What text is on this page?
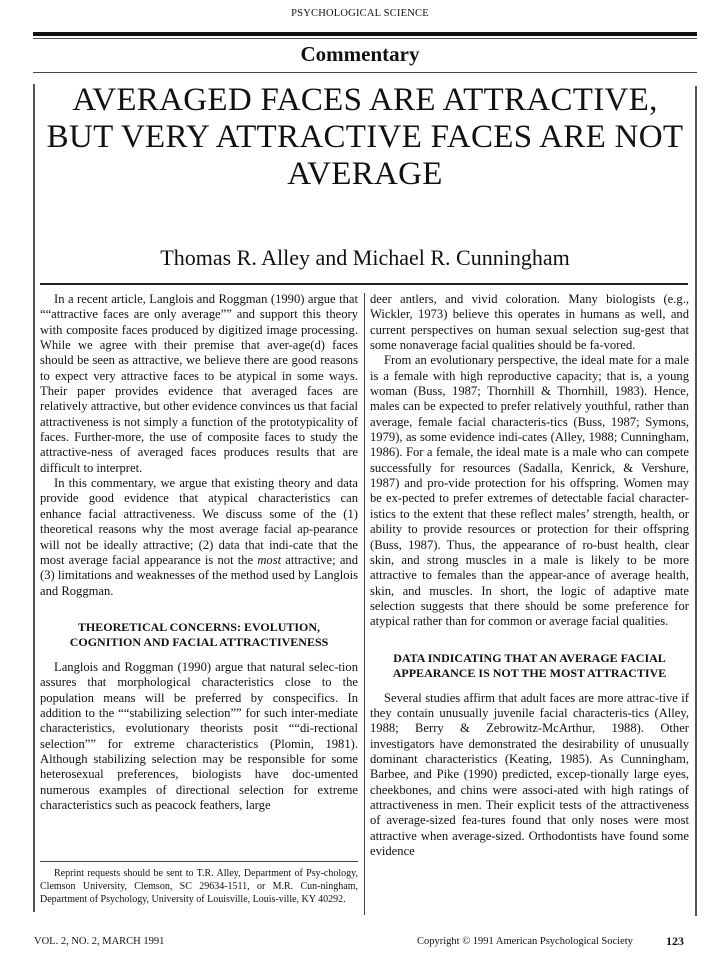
PSYCHOLOGICAL SCIENCE
Commentary
AVERAGED FACES ARE ATTRACTIVE, BUT VERY ATTRACTIVE FACES ARE NOT AVERAGE
Thomas R. Alley and Michael R. Cunningham

In a recent article, Langlois and Roggman (1990) argue that ““attractive faces are only average”” and support this theory with composite faces produced by digitized image processing. While we agree with their premise that aver-age(d) faces should be seen as attractive, we believe there are good reasons to expect very attractive faces to be atypical in some ways. Their paper provides evidence that averaged faces are relatively attractive, but other evidence convinces us that facial attractiveness is not simply a function of the prototypicality of faces. Further-more, the use of composite faces to study the attractive-ness of averaged faces produces results that are difficult to interpret.

In this commentary, we argue that existing theory and data provide good evidence that atypical characteristics can enhance facial attractiveness. We discuss some of the (1) theoretical reasons why the most average facial ap-pearance will not be ideally attractive; (2) data that indi-cate that the most average facial appearance is not the most attractive; and (3) limitations and weaknesses of the method used by Langlois and Roggman.

THEORETICAL CONCERNS: EVOLUTION,
COGNITION AND FACIAL ATTRACTIVENESS

Langlois and Roggman (1990) argue that natural selec-tion assures that morphological characteristics close to the population means will be preferred by conspecifics. In addition to the ““stabilizing selection”” for such inter-mediate characteristics, evolutionary theorists posit ““di-rectional selection”” for extreme characteristics (Plomin, 1981). Although stabilizing selection may be responsible for some heterosexual preferences, biologists have doc-umented numerous examples of directional selection for extreme characteristics such as peacock feathers, large

Reprint requests should be sent to T.R. Alley, Department of Psy-chology, Clemson University, Clemson, SC 29634-1511, or M.R. Cun-ningham, Department of Psychology, University of Louisville, Louis-ville, KY 40292.

deer antlers, and vivid coloration. Many biologists (e.g., Wickler, 1973) believe this operates in humans as well, and current perspectives on human sexual selection sug-gest that some nonaverage facial qualities should be fa-vored.

From an evolutionary perspective, the ideal mate for a male is a female with high reproductive capacity; that is, a young woman (Buss, 1987; Thornhill & Thornhill, 1983). Hence, males can be expected to prefer relatively youthful, rather than average, female facial characteris-tics (Buss, 1987; Symons, 1979), as some evidence indi-cates (Alley, 1988; Cunningham, 1986). For a female, the ideal mate is a male who can compete successfully for resources (Sadalla, Kenrick, & Vershure, 1987) and pro-vide protection for his offspring. Women may be ex-pected to prefer extremes of detectable facial character-istics to the extent that these reflect males’ strength, health, or ability to provide resources or protection for their offspring (Buss, 1987). Thus, the appearance of ro-bust health, clear skin, and strong muscles in a male is likely to be more attractive to females than the appear-ance of average health, skin, and muscles. In short, the logic of adaptive mate selection suggests that there should be some preference for atypical rather than for common or average facial qualities.

DATA INDICATING THAT AN AVERAGE FACIAL
APPEARANCE IS NOT THE MOST ATTRACTIVE

Several studies affirm that adult faces are more attrac-tive if they contain unusually juvenile facial characteris-tics (Alley, 1988; Berry & Zebrowitz-McArthur, 1988). Other investigators have demonstrated the desirability of unusually dominant characteristics (Keating, 1985). As Cunningham, Barbee, and Pike (1990) predicted, excep-tionally large eyes, cheekbones, and chins were associ-ated with high ratings of attractiveness in men. Their explicit tests of the attractiveness of average-sized fea-tures found that only noses were most attractive when average-sized. Orthodontists have found some evidence

VOL. 2, NO. 2, MARCH 1991	Copyright © 1991 American Psychological Society	123
